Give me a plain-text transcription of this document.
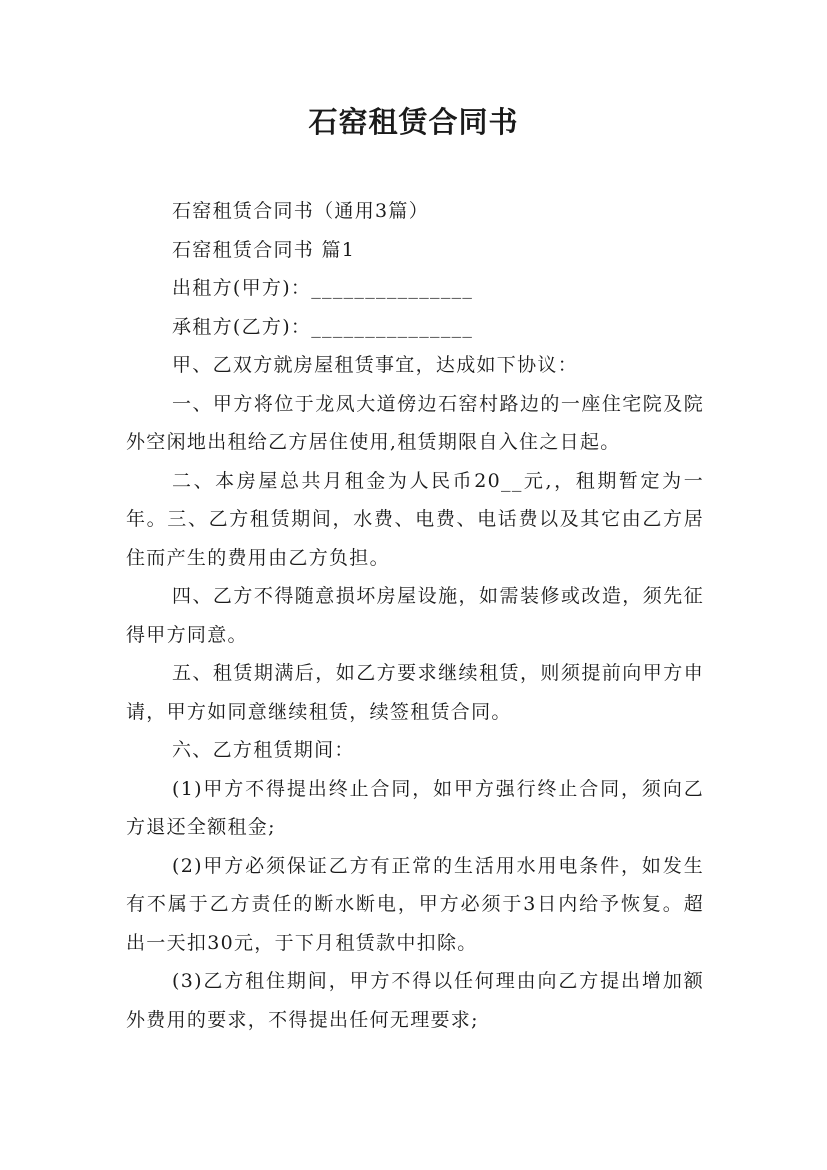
石窑租赁合同书

石窑租赁合同书（通用3篇）

石窑租赁合同书 篇1

出租方(甲方)：_______________

承租方(乙方)：_______________

甲、乙双方就房屋租赁事宜，达成如下协议：

一、甲方将位于龙凤大道傍边石窑村路边的一座住宅院及院外空闲地出租给乙方居住使用,租赁期限自入住之日起。

二、本房屋总共月租金为人民币20__元,，租期暂定为一年。三、乙方租赁期间，水费、电费、电话费以及其它由乙方居住而产生的费用由乙方负担。

四、乙方不得随意损坏房屋设施，如需装修或改造，须先征得甲方同意。

五、租赁期满后，如乙方要求继续租赁，则须提前向甲方申请，甲方如同意继续租赁，续签租赁合同。

六、乙方租赁期间：

(1)甲方不得提出终止合同，如甲方强行终止合同，须向乙方退还全额租金;

(2)甲方必须保证乙方有正常的生活用水用电条件，如发生有不属于乙方责任的断水断电，甲方必须于3日内给予恢复。超出一天扣30元，于下月租赁款中扣除。

(3)乙方租住期间，甲方不得以任何理由向乙方提出增加额外费用的要求，不得提出任何无理要求;
